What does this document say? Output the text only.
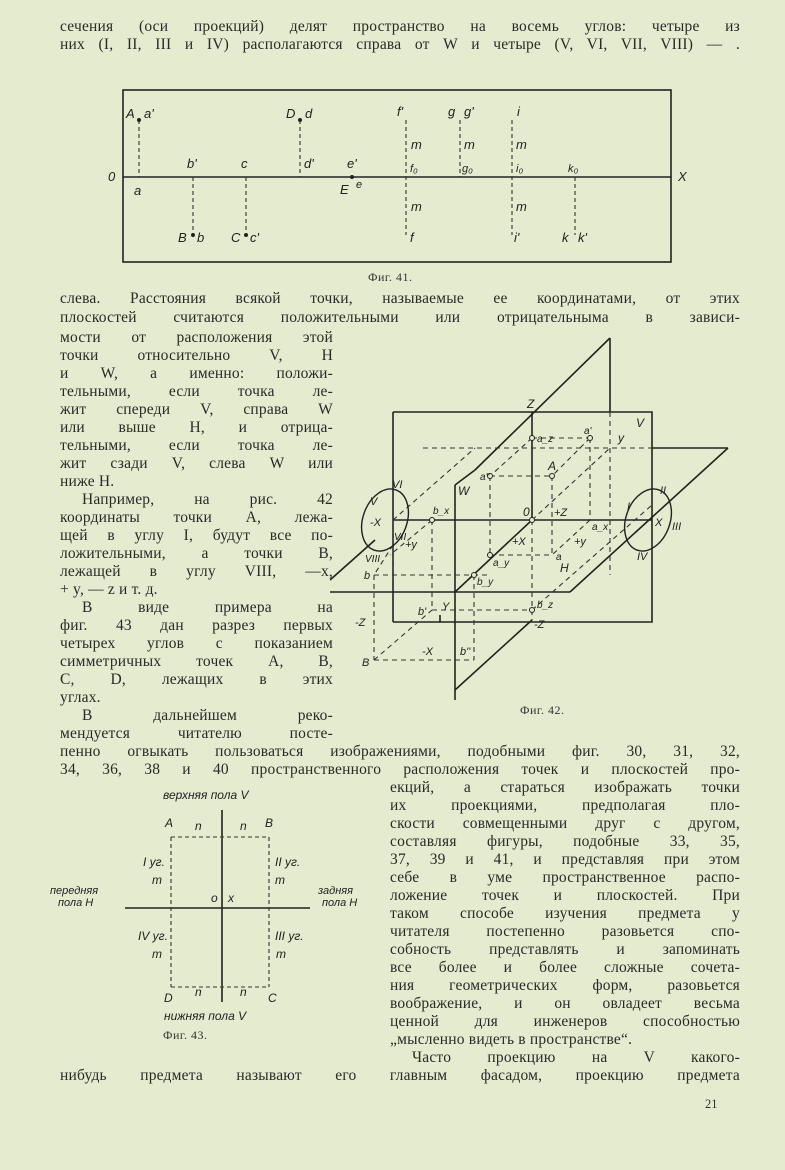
сечения (оси проекций) делят пространство на восемь углов: четыре из
них (I, II, III и IV) располагаются справа от W и четыре (V, VI, VII, VIII) — .
0	X
A a'
a
b'
B b
c
C c'
D d
d'	e'
E e
f'
m
f₀
m
f
g g'
m
g₀
i
m
i₀
m
i'
k₀
k k'
Фиг. 41.
слева. Расстояния всякой точки, называемые ее координатами, от этих
плоскостей считаются положительными или отрицательныма в зависи-
мости от расположения этой
точки относительно V, H
и W, а именно: положи-
тельными, если точка ле-
жит спереди V, справа W
или выше H, и отрица-
тельными, если точка ле-
жит сзади V, слева W или
ниже H.
Например, на рис. 42
координаты точки A, лежа-
щей в углу I, будут все по-
ложительными, а точки B,
лежащей в углу VIII, —x,
+ y, — z и т. д.
В виде примера на
фиг. 43 дан разрез первых
четырех углов с показанием
симметричных точек A, B,
C, D, лежащих в этих
углах.
В дальнейшем реко-
мендуется читателю посте-
Z
V
y
W
H
0
a_z
a'
a''
A
a_x
a_y
a
b_x
b_y
b_z
b
b'
b''
B
+Z
+X	+y
+y
-X
-Z	-Z
X
-X
Y
I
II
III
IV
V
VI
VII
VIII
Фиг. 42.
пенно огвыкать пользоваться изображениями, подобными фиг. 30, 31, 32,
34, 36, 38 и 40 пространственного расположения точек и плоскостей про-
верхняя пола V
A	B
n	n
I уг.	II уг.
m	m
передняя
пола H
задняя
пола H
o x
IV уг.	III уг.
m	m
D	C
n	n
нижняя пола V
Фиг. 43.
екций, а стараться изображать точки
их проекциями, предполагая пло-
скости совмещенными друг с другом,
составляя фигуры, подобные 33, 35,
37, 39 и 41, и представляя при этом
себе в уме пространственное распо-
ложение точек и плоскостей. При
таком способе изучения предмета у
читателя постепенно разовьется спо-
собность представлять и запоминать
все более и более сложные сочета-
ния геометрических форм, разовьется
воображение, и он овладеет весьма
ценной для инженеров способностью
„мысленно видеть в пространстве“.
Часто проекцию на V какого-
нибудь предмета называют его главным фасадом, проекцию предмета
21
